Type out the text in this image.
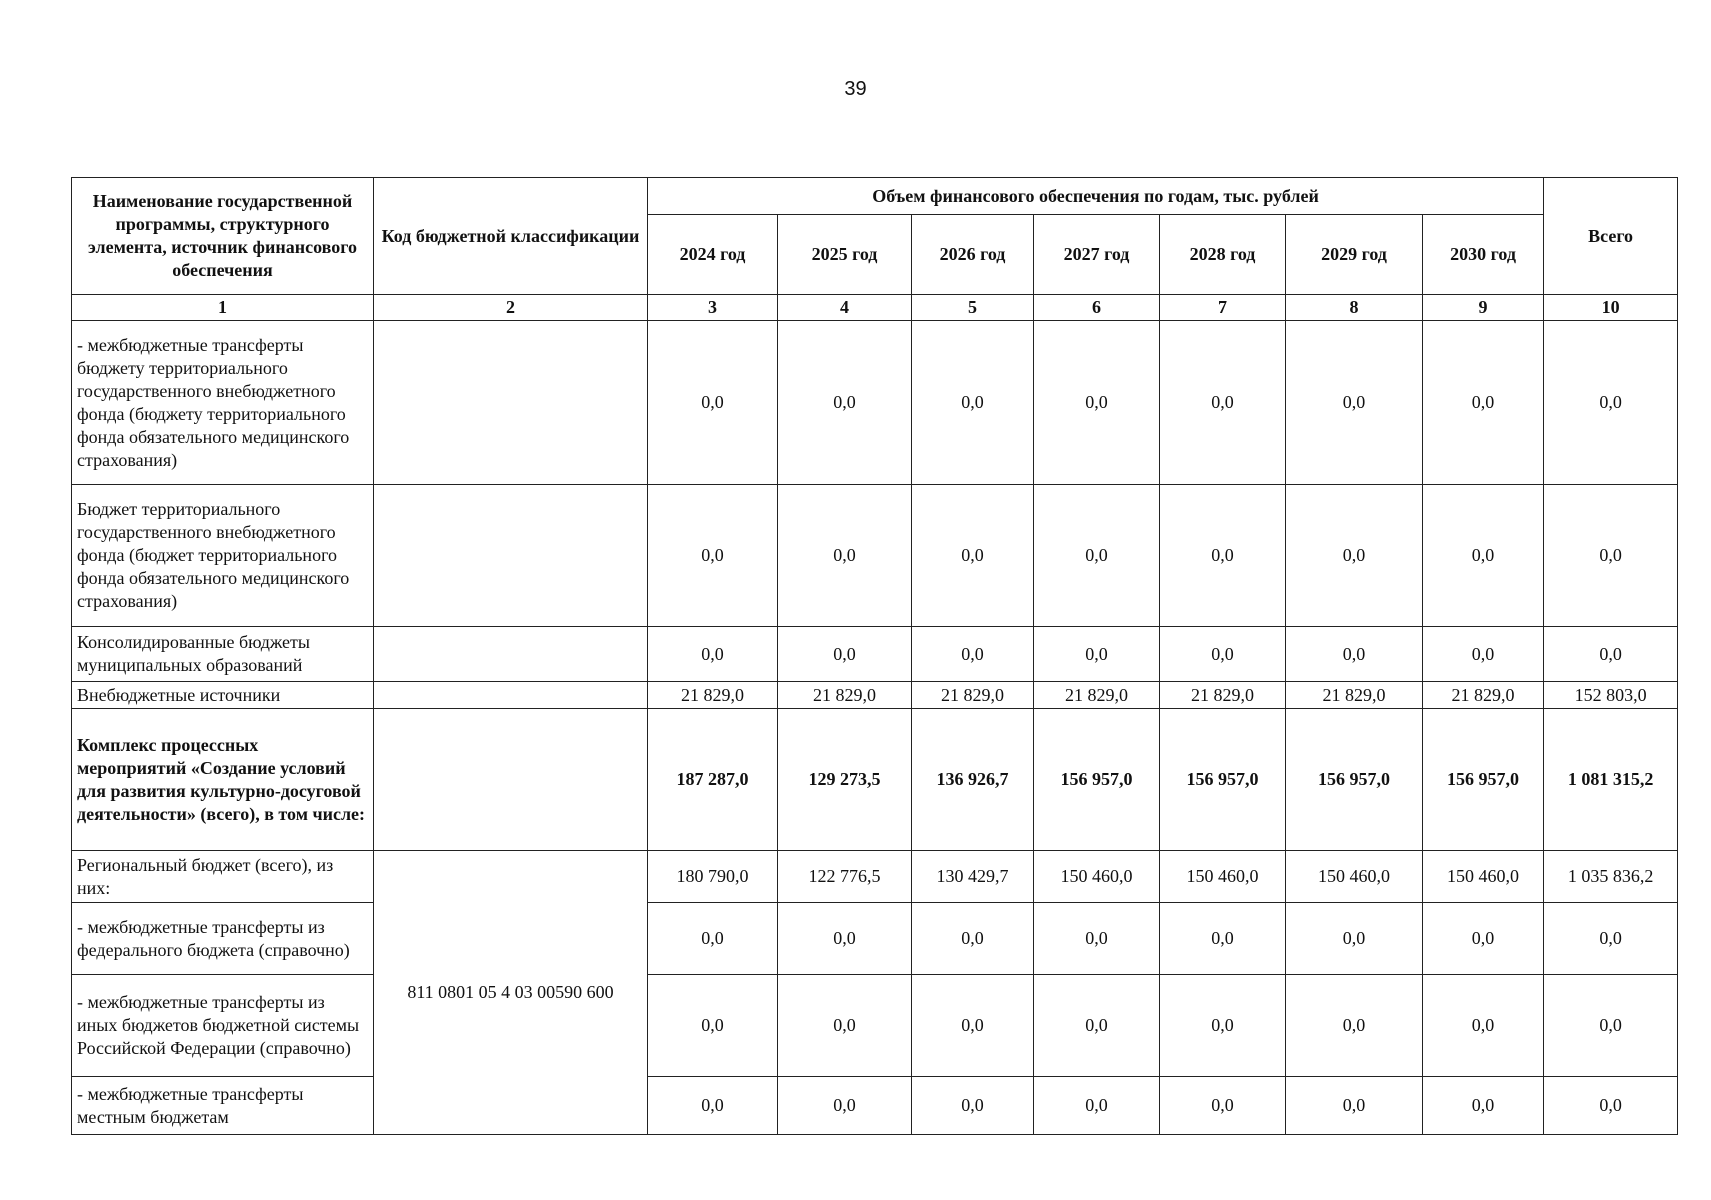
39
Наименование государственной программы, структурного элемента, источник финансового обеспечения	Код бюджетной классификации	Объем финансового обеспечения по годам, тыс. рублей							Всего
		2024 год	2025 год	2026 год	2027 год	2028 год	2029 год	2030 год	
1	2	3	4	5	6	7	8	9	10
- межбюджетные трансферты бюджету территориального государственного внебюджетного фонда (бюджету территориального фонда обязательного медицинского страхования)		0,0	0,0	0,0	0,0	0,0	0,0	0,0	0,0
Бюджет территориального государственного внебюджетного фонда (бюджет территориального фонда обязательного медицинского страхования)		0,0	0,0	0,0	0,0	0,0	0,0	0,0	0,0
Консолидированные бюджеты муниципальных образований		0,0	0,0	0,0	0,0	0,0	0,0	0,0	0,0
Внебюджетные источники		21 829,0	21 829,0	21 829,0	21 829,0	21 829,0	21 829,0	21 829,0	152 803,0
Комплекс процессных мероприятий «Создание условий для развития культурно-досуговой деятельности» (всего), в том числе:		187 287,0	129 273,5	136 926,7	156 957,0	156 957,0	156 957,0	156 957,0	1 081 315,2
Региональный бюджет (всего), из них:	811 0801 05 4 03 00590 600	180 790,0	122 776,5	130 429,7	150 460,0	150 460,0	150 460,0	150 460,0	1 035 836,2
- межбюджетные трансферты из федерального бюджета (справочно)		0,0	0,0	0,0	0,0	0,0	0,0	0,0	0,0
- межбюджетные трансферты из иных бюджетов бюджетной системы Российской Федерации (справочно)		0,0	0,0	0,0	0,0	0,0	0,0	0,0	0,0
- межбюджетные трансферты местным бюджетам		0,0	0,0	0,0	0,0	0,0	0,0	0,0	0,0
